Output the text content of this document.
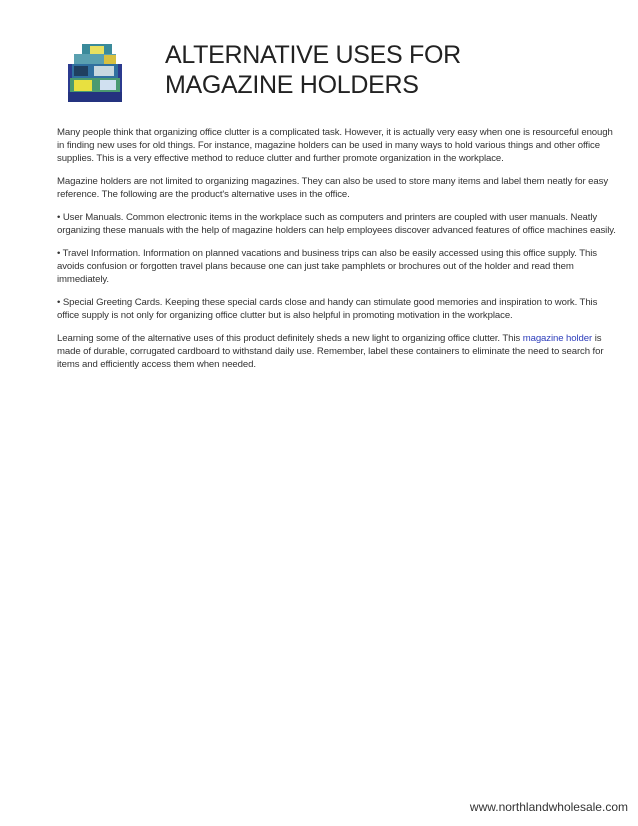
ALTERNATIVE USES FOR
MAGAZINE HOLDERS

Many people think that organizing office clutter is a complicated task. However, it is actually very easy when one is resourceful enough in finding new uses for old things. For instance, magazine holders can be used in many ways to hold various things and other office supplies. This is a very effective method to reduce clutter and further promote organization in the workplace.

Magazine holders are not limited to organizing magazines. They can also be used to store many items and label them neatly for easy reference. The following are the product's alternative uses in the office.

• User Manuals. Common electronic items in the workplace such as computers and printers are coupled with user manuals. Neatly organizing these manuals with the help of magazine holders can help employees discover advanced features of office machines easily.

• Travel Information. Information on planned vacations and business trips can also be easily accessed using this office supply. This avoids confusion or forgotten travel plans because one can just take pamphlets or brochures out of the holder and read them immediately.

• Special Greeting Cards. Keeping these special cards close and handy can stimulate good memories and inspiration to work. This office supply is not only for organizing office clutter but is also helpful in promoting motivation in the workplace.

Learning some of the alternative uses of this product definitely sheds a new light to organizing office clutter. This magazine holder is made of durable, corrugated cardboard to withstand daily use. Remember, label these containers to eliminate the need to search for items and efficiently access them when needed.

www.northlandwholesale.com
